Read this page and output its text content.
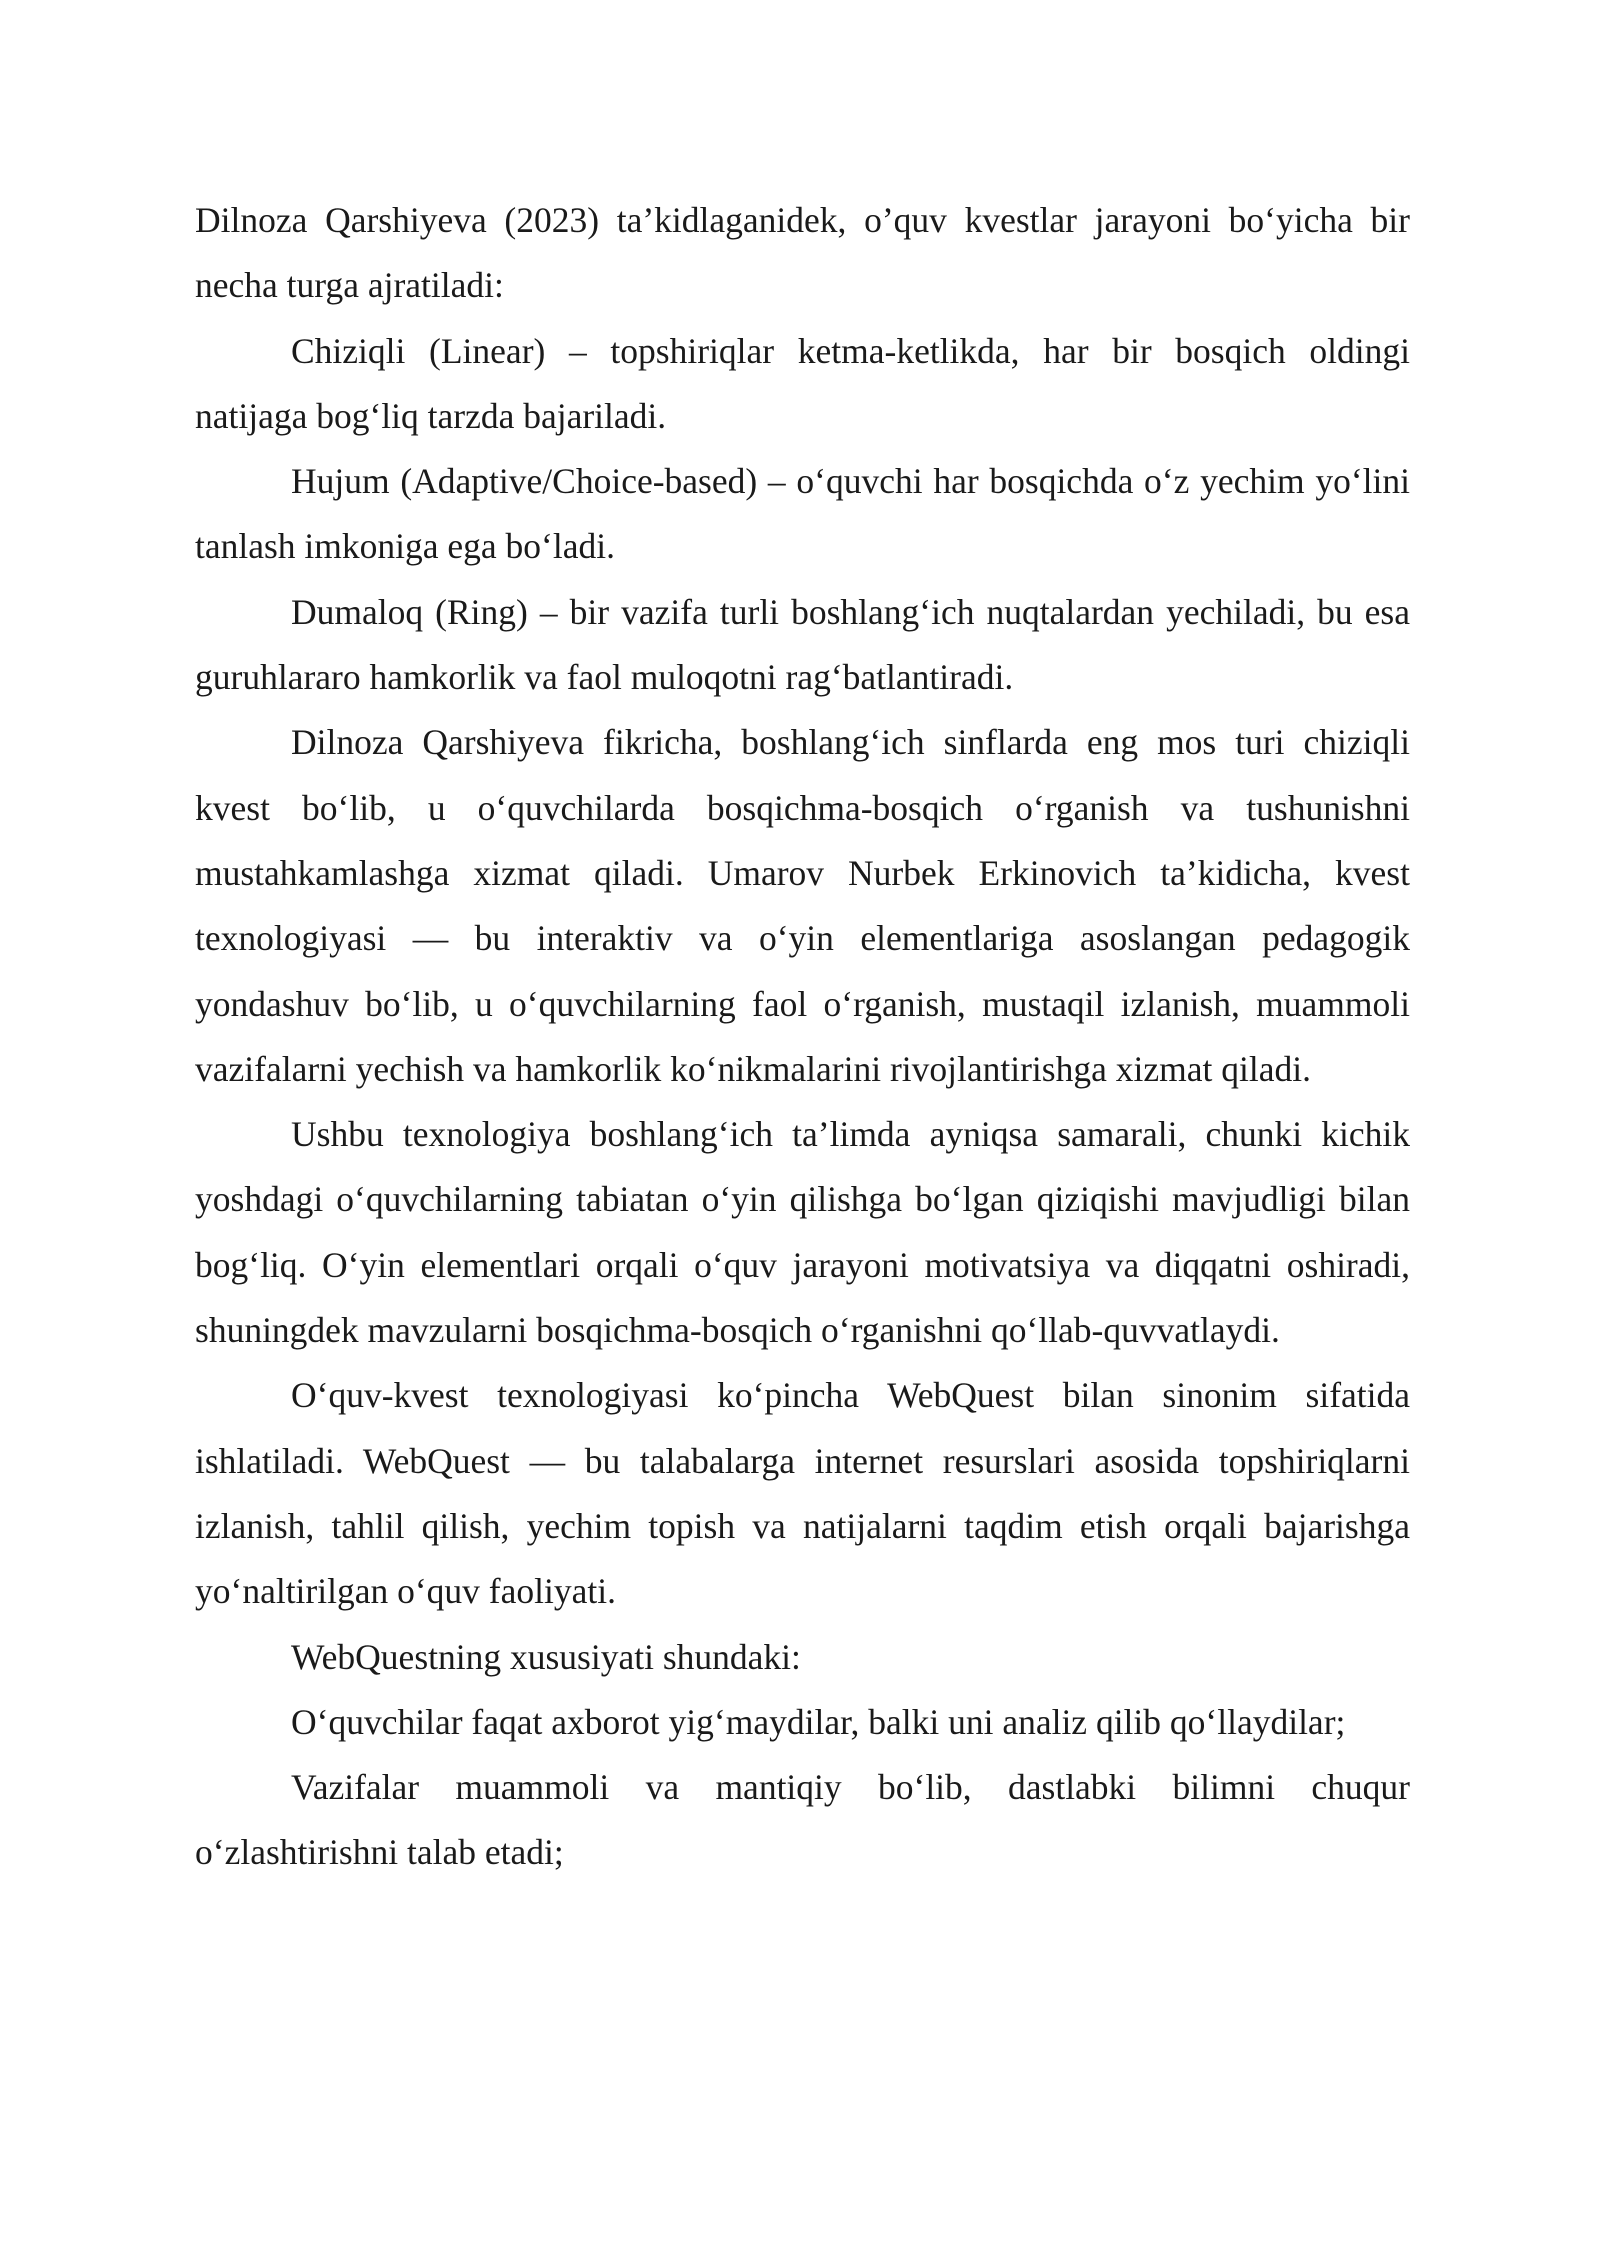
Dilnoza Qarshiyeva (2023) ta’kidlaganidek, o’quv kvestlar jarayoni bo‘yicha bir necha turga ajratiladi:

Chiziqli (Linear) – topshiriqlar ketma-ketlikda, har bir bosqich oldingi natijaga bog‘liq tarzda bajariladi.

Hujum (Adaptive/Choice-based) – o‘quvchi har bosqichda o‘z yechim yo‘lini tanlash imkoniga ega bo‘ladi.

Dumaloq (Ring) – bir vazifa turli boshlang‘ich nuqtalardan yechiladi, bu esa guruhlararo hamkorlik va faol muloqotni rag‘batlantiradi.

Dilnoza Qarshiyeva fikricha, boshlang‘ich sinflarda eng mos turi chiziqli kvest bo‘lib, u o‘quvchilarda bosqichma-bosqich o‘rganish va tushunishni mustahkamlashga xizmat qiladi. Umarov Nurbek Erkinovich ta’kidicha, kvest texnologiyasi — bu interaktiv va o‘yin elementlariga asoslangan pedagogik yondashuv bo‘lib, u o‘quvchilarning faol o‘rganish, mustaqil izlanish, muammoli vazifalarni yechish va hamkorlik ko‘nikmalarini rivojlantirishga xizmat qiladi.

Ushbu texnologiya boshlang‘ich ta’limda ayniqsa samarali, chunki kichik yoshdagi o‘quvchilarning tabiatan o‘yin qilishga bo‘lgan qiziqishi mavjudligi bilan bog‘liq. O‘yin elementlari orqali o‘quv jarayoni motivatsiya va diqqatni oshiradi, shuningdek mavzularni bosqichma-bosqich o‘rganishni qo‘llab-quvvatlaydi.

O‘quv-kvest texnologiyasi ko‘pincha WebQuest bilan sinonim sifatida ishlatiladi. WebQuest — bu talabalarga internet resurslari asosida topshiriqlarni izlanish, tahlil qilish, yechim topish va natijalarni taqdim etish orqali bajarishga yo‘naltirilgan o‘quv faoliyati.

WebQuestning xususiyati shundaki:

O‘quvchilar faqat axborot yig‘maydilar, balki uni analiz qilib qo‘llaydilar;

Vazifalar muammoli va mantiqiy bo‘lib, dastlabki bilimni chuqur o‘zlashtirishni talab etadi;
